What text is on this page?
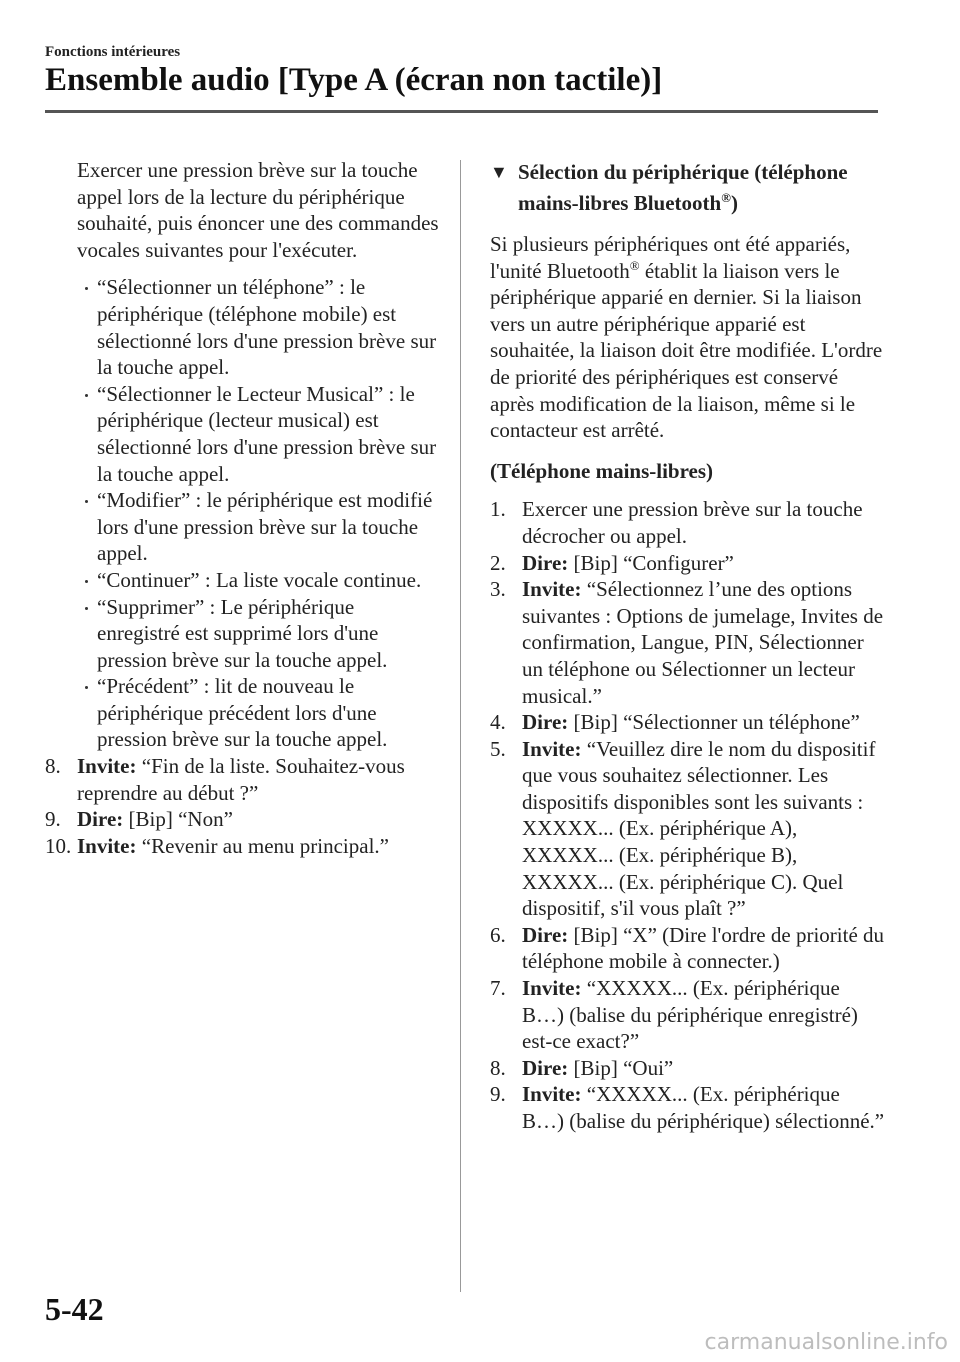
Fonctions intérieures
Ensemble audio [Type A (écran non tactile)]

Exercer une pression brève sur la touche appel lors de la lecture du périphérique souhaité, puis énoncer une des commandes vocales suivantes pour l'exécuter.

“Sélectionner un téléphone” : le périphérique (téléphone mobile) est sélectionné lors d'une pression brève sur la touche appel.
“Sélectionner le Lecteur Musical” : le périphérique (lecteur musical) est sélectionné lors d'une pression brève sur la touche appel.
“Modifier” : le périphérique est modifié lors d'une pression brève sur la touche appel.
“Continuer” : La liste vocale continue.
“Supprimer” : Le périphérique enregistré est supprimé lors d'une pression brève sur la touche appel.
“Précédent” : lit de nouveau le périphérique précédent lors d'une pression brève sur la touche appel.
8. Invite: “Fin de la liste. Souhaitez-vous reprendre au début ?”
9. Dire: [Bip] “Non”
10. Invite: “Revenir au menu principal.”
▼ Sélection du périphérique (téléphone mains-libres Bluetooth®)

Si plusieurs périphériques ont été appariés, l'unité Bluetooth® établit la liaison vers le périphérique apparié en dernier. Si la liaison vers un autre périphérique apparié est souhaitée, la liaison doit être modifiée. L'ordre de priorité des périphériques est conservé après modification de la liaison, même si le contacteur est arrêté.

(Téléphone mains-libres)

1. Exercer une pression brève sur la touche décrocher ou appel.
2. Dire: [Bip] “Configurer”
3. Invite: “Sélectionnez l’une des options suivantes : Options de jumelage, Invites de confirmation, Langue, PIN, Sélectionner un téléphone ou Sélectionner un lecteur musical.”
4. Dire: [Bip] “Sélectionner un téléphone”
5. Invite: “Veuillez dire le nom du dispositif que vous souhaitez sélectionner. Les dispositifs disponibles sont les suivants : XXXXX... (Ex. périphérique A), XXXXX... (Ex. périphérique B), XXXXX... (Ex. périphérique C). Quel dispositif, s'il vous plaît ?”
6. Dire: [Bip] “X” (Dire l'ordre de priorité du téléphone mobile à connecter.)
7. Invite: “XXXXX... (Ex. périphérique B…) (balise du périphérique enregistré) est-ce exact?”
8. Dire: [Bip] “Oui”
9. Invite: “XXXXX... (Ex. périphérique B…) (balise du périphérique) sélectionné.”
5-42
carmanualsonline.info
